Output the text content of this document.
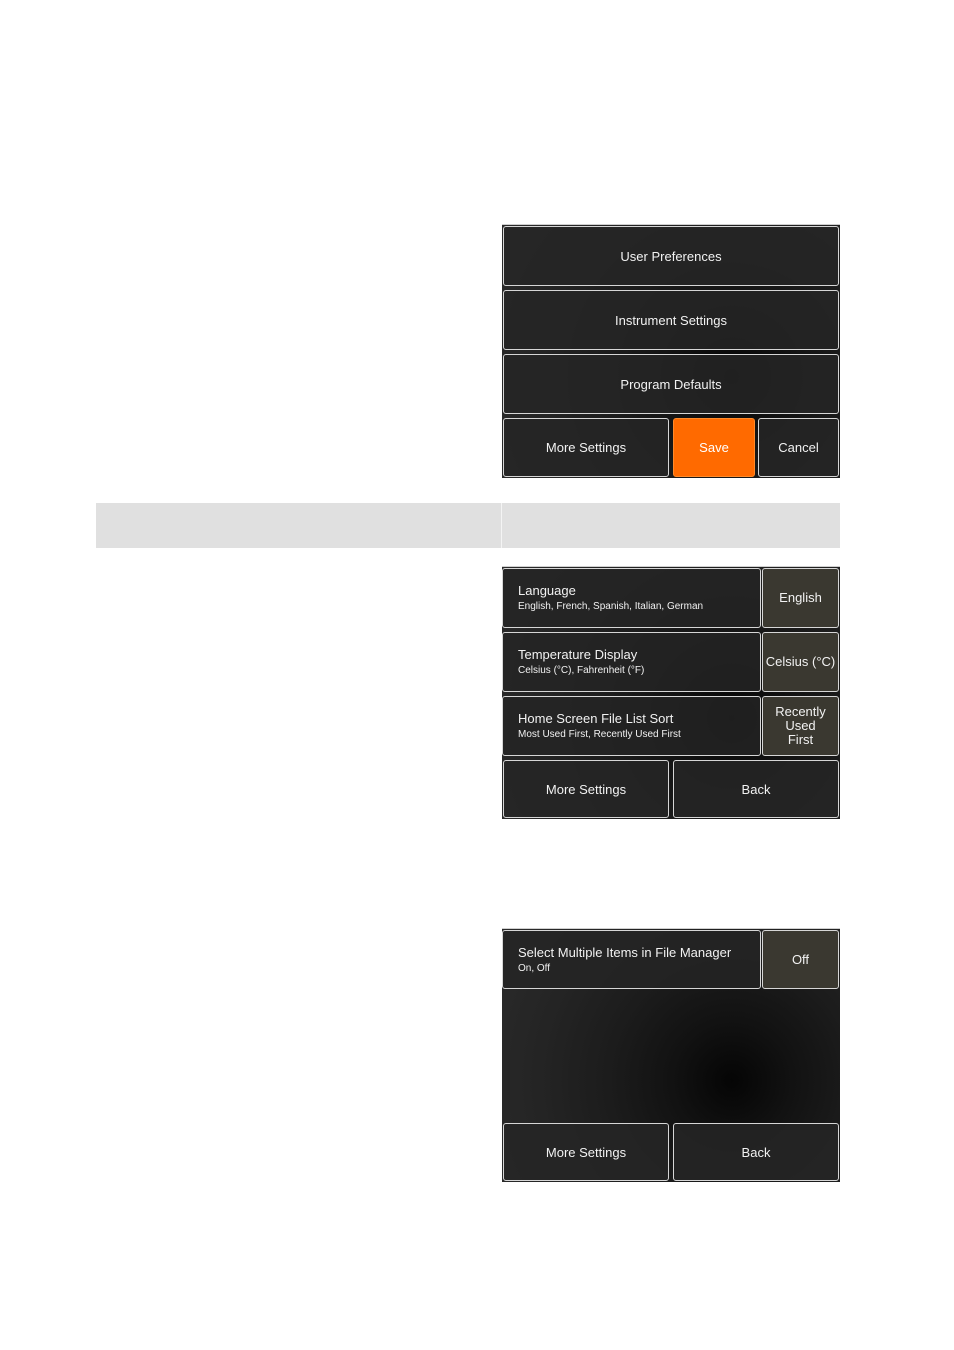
User Preferences
Instrument Settings
Program Defaults
More Settings	Save	Cancel
Language
English, French, Spanish, Italian, German
English
Temperature Display
Celsius (°C), Fahrenheit (°F)
Celsius (°C)
Home Screen File List Sort
Most Used First, Recently Used First
Recently Used First
More Settings	Back
Select Multiple Items in File Manager
On, Off
Off
More Settings	Back
